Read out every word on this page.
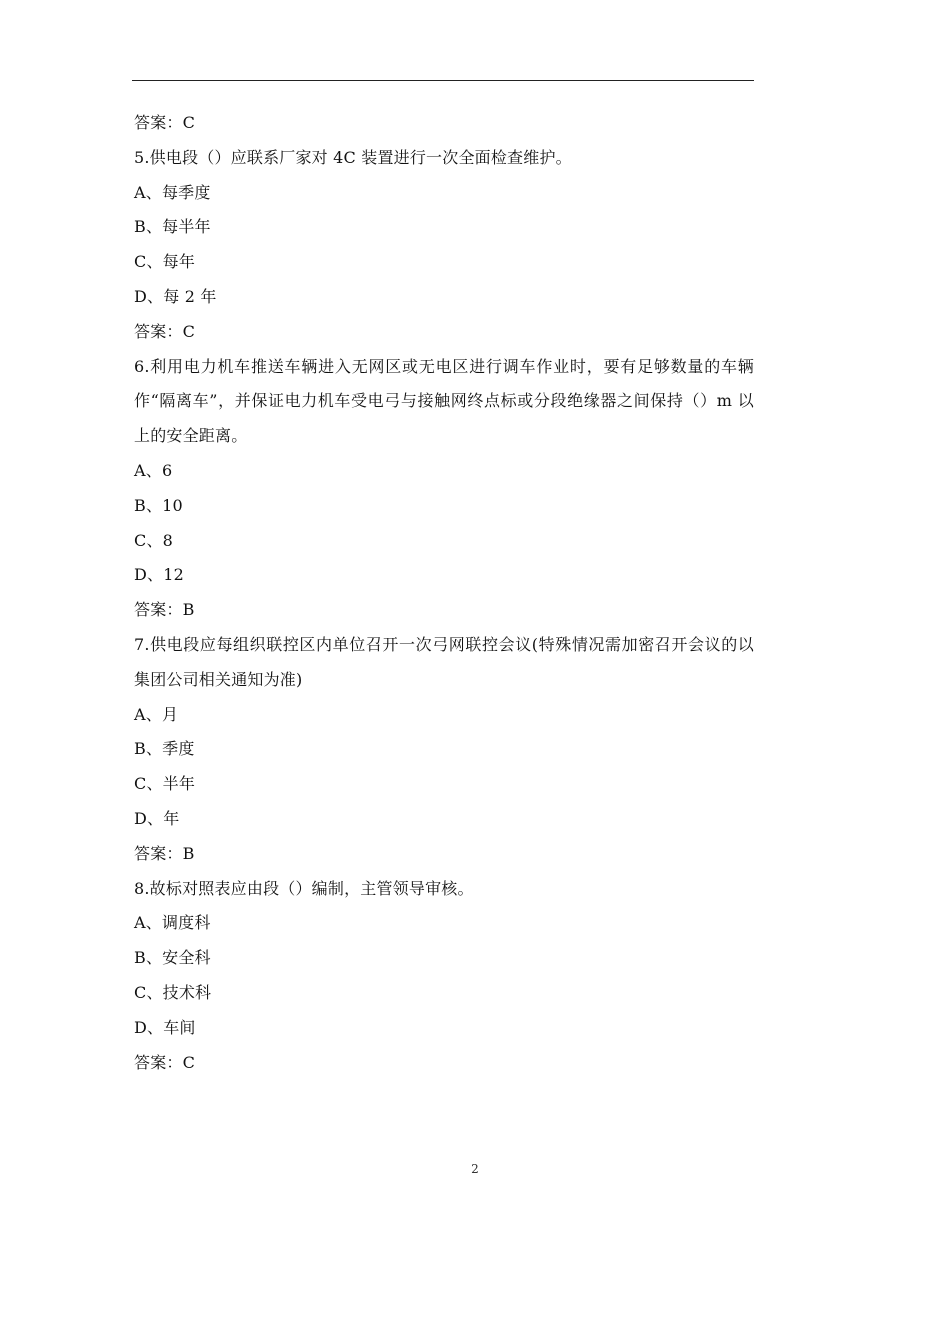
答案：C
5.供电段（）应联系厂家对 4C 装置进行一次全面检查维护。
A、每季度
B、每半年
C、每年
D、每 2 年
答案：C
6.利用电力机车推送车辆进入无网区或无电区进行调车作业时，要有足够数量的车辆作“隔离车”，并保证电力机车受电弓与接触网终点标或分段绝缘器之间保持（）m 以上的安全距离。
A、6
B、10
C、8
D、12
答案：B
7.供电段应每组织联控区内单位召开一次弓网联控会议(特殊情况需加密召开会议的以集团公司相关通知为准)
A、月
B、季度
C、半年
D、年
答案：B
8.故标对照表应由段（）编制，主管领导审核。
A、调度科
B、安全科
C、技术科
D、车间
答案：C
2
